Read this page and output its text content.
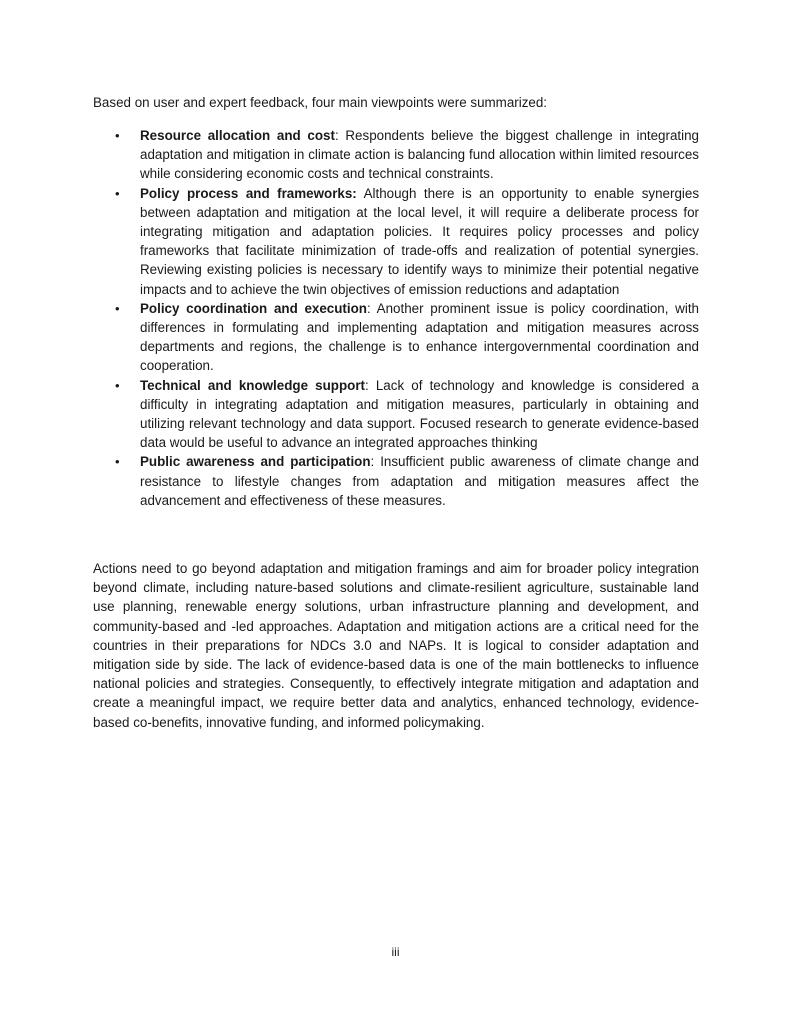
Based on user and expert feedback, four main viewpoints were summarized:

• Resource allocation and cost: Respondents believe the biggest challenge in integrating adaptation and mitigation in climate action is balancing fund allocation within limited resources while considering economic costs and technical constraints.
• Policy process and frameworks: Although there is an opportunity to enable synergies between adaptation and mitigation at the local level, it will require a deliberate process for integrating mitigation and adaptation policies. It requires policy processes and policy frameworks that facilitate minimization of trade-offs and realization of potential synergies. Reviewing existing policies is necessary to identify ways to minimize their potential negative impacts and to achieve the twin objectives of emission reductions and adaptation
• Policy coordination and execution: Another prominent issue is policy coordination, with differences in formulating and implementing adaptation and mitigation measures across departments and regions, the challenge is to enhance intergovernmental coordination and cooperation.
• Technical and knowledge support: Lack of technology and knowledge is considered a difficulty in integrating adaptation and mitigation measures, particularly in obtaining and utilizing relevant technology and data support. Focused research to generate evidence-based data would be useful to advance an integrated approaches thinking
• Public awareness and participation: Insufficient public awareness of climate change and resistance to lifestyle changes from adaptation and mitigation measures affect the advancement and effectiveness of these measures.

Actions need to go beyond adaptation and mitigation framings and aim for broader policy integration beyond climate, including nature-based solutions and climate-resilient agriculture, sustainable land use planning, renewable energy solutions, urban infrastructure planning and development, and community-based and -led approaches. Adaptation and mitigation actions are a critical need for the countries in their preparations for NDCs 3.0 and NAPs. It is logical to consider adaptation and mitigation side by side. The lack of evidence-based data is one of the main bottlenecks to influence national policies and strategies. Consequently, to effectively integrate mitigation and adaptation and create a meaningful impact, we require better data and analytics, enhanced technology, evidence-based co-benefits, innovative funding, and informed policymaking.

iii
